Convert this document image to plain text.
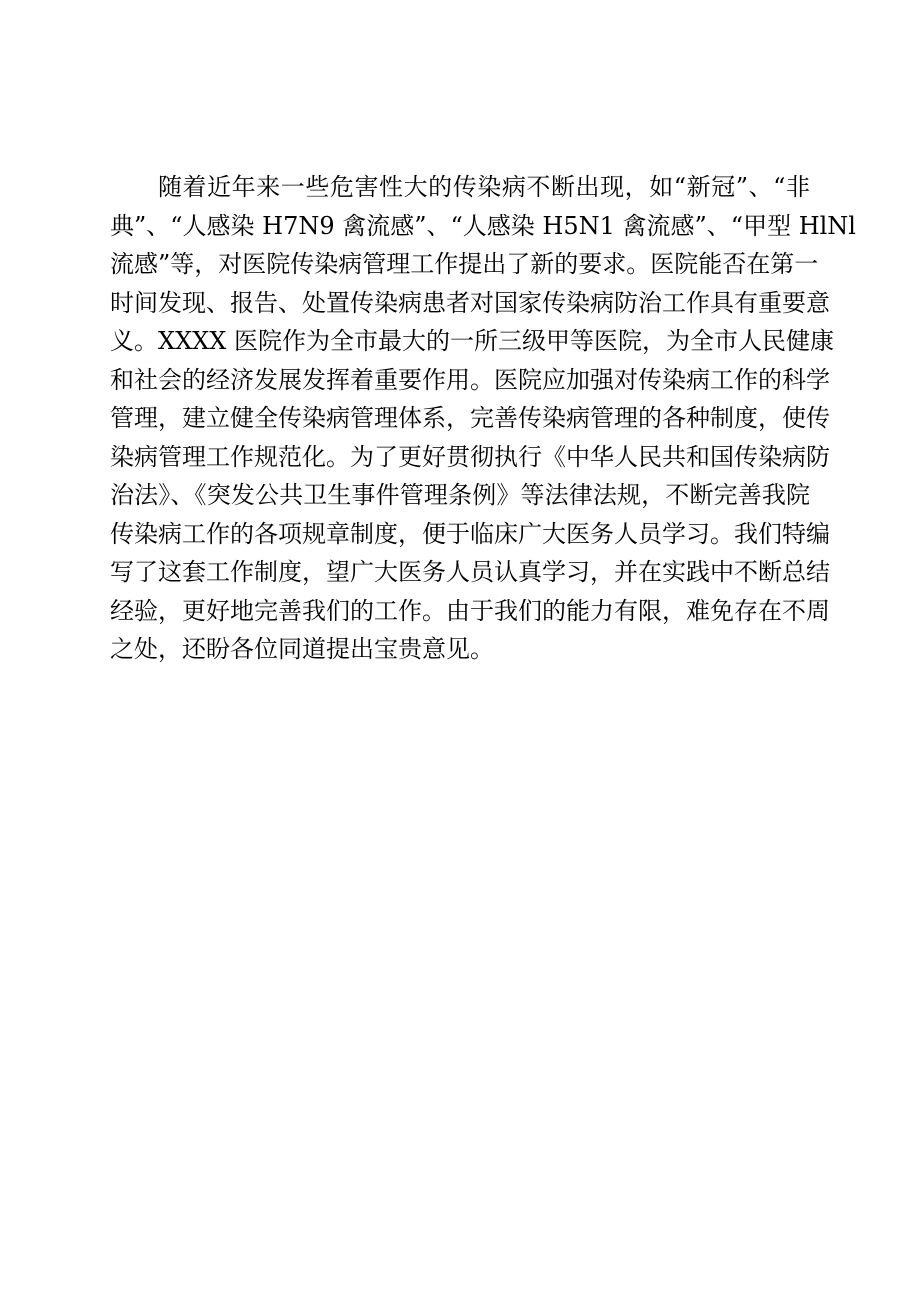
随着近年来一些危害性大的传染病不断出现，如“新冠”、“非
典”、“人感染 H7N9 禽流感”、“人感染 H5N1 禽流感”、“甲型 HlNl
流感”等，对医院传染病管理工作提出了新的要求。医院能否在第一
时间发现、报告、处置传染病患者对国家传染病防治工作具有重要意
义。XXXX 医院作为全市最大的一所三级甲等医院，为全市人民健康
和社会的经济发展发挥着重要作用。医院应加强对传染病工作的科学
管理，建立健全传染病管理体系，完善传染病管理的各种制度，使传
染病管理工作规范化。为了更好贯彻执行《中华人民共和国传染病防
治法》、《突发公共卫生事件管理条例》等法律法规，不断完善我院
传染病工作的各项规章制度，便于临床广大医务人员学习。我们特编
写了这套工作制度，望广大医务人员认真学习，并在实践中不断总结
经验，更好地完善我们的工作。由于我们的能力有限，难免存在不周
之处，还盼各位同道提出宝贵意见。
